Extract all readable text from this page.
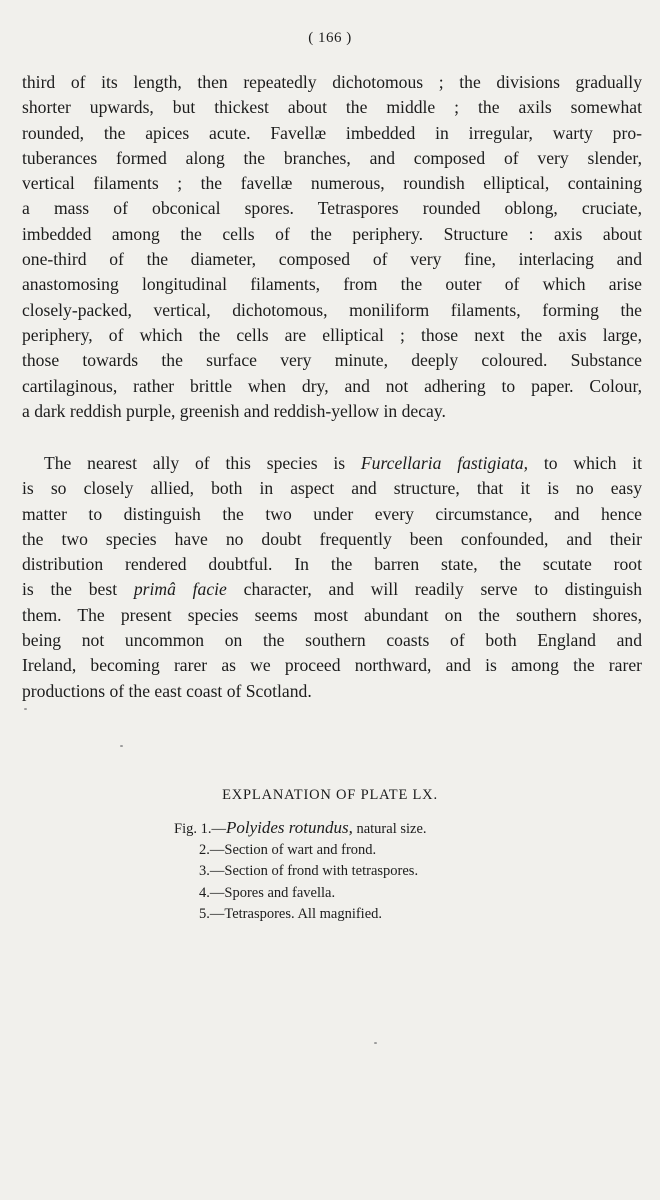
( 166 )
third of its length, then repeatedly dichotomous ; the divisions gradually
shorter upwards, but thickest about the middle ; the axils somewhat
rounded, the apices acute. Favellæ imbedded in irregular, warty pro-
tuberances formed along the branches, and composed of very slender,
vertical filaments ; the favellæ numerous, roundish elliptical, containing
a mass of obconical spores. Tetraspores rounded oblong, cruciate,
imbedded among the cells of the periphery. Structure : axis about
one-third of the diameter, composed of very fine, interlacing and
anastomosing longitudinal filaments, from the outer of which arise
closely-packed, vertical, dichotomous, moniliform filaments, forming the
periphery, of which the cells are elliptical ; those next the axis large,
those towards the surface very minute, deeply coloured. Substance
cartilaginous, rather brittle when dry, and not adhering to paper. Colour,
a dark reddish purple, greenish and reddish-yellow in decay.
The nearest ally of this species is Furcellaria fastigiata, to which it
is so closely allied, both in aspect and structure, that it is no easy
matter to distinguish the two under every circumstance, and hence
the two species have no doubt frequently been confounded, and their
distribution rendered doubtful. In the barren state, the scutate root
is the best primâ facie character, and will readily serve to distinguish
them. The present species seems most abundant on the southern shores,
being not uncommon on the southern coasts of both England and
Ireland, becoming rarer as we proceed northward, and is among the rarer
productions of the east coast of Scotland.

EXPLANATION OF PLATE LX.

Fig. 1.—Polyides rotundus, natural size.
2.—Section of wart and frond.
3.—Section of frond with tetraspores.
4.—Spores and favella.
5.—Tetraspores. All magnified.
